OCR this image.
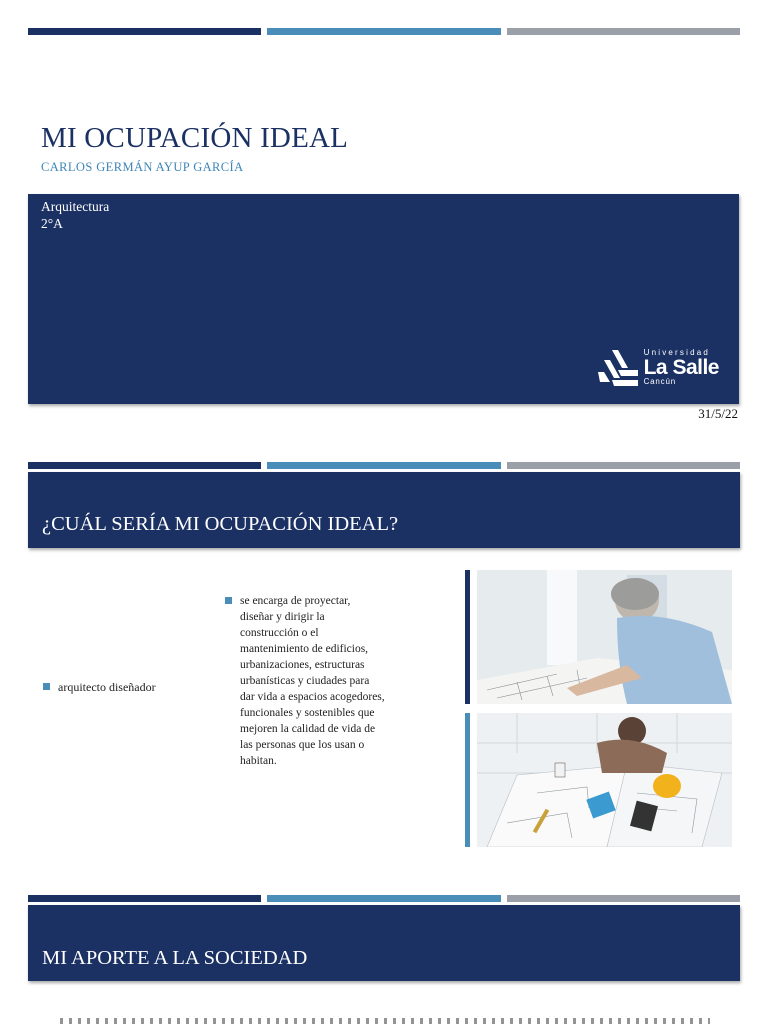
MI OCUPACIÓN IDEAL
CARLOS GERMÁN AYUP GARCÍA
Arquitectura
2°A
Universidad
La Salle
Cancún
31/5/22
¿CUÁL SERÍA MI OCUPACIÓN IDEAL?
arquitecto diseñador
se encarga de proyectar, diseñar y dirigir la construcción o el mantenimiento de edificios, urbanizaciones, estructuras urbanísticas y ciudades para dar vida a espacios acogedores, funcionales y sostenibles que mejoren la calidad de vida de las personas que los usan o habitan.
MI APORTE A LA SOCIEDAD
